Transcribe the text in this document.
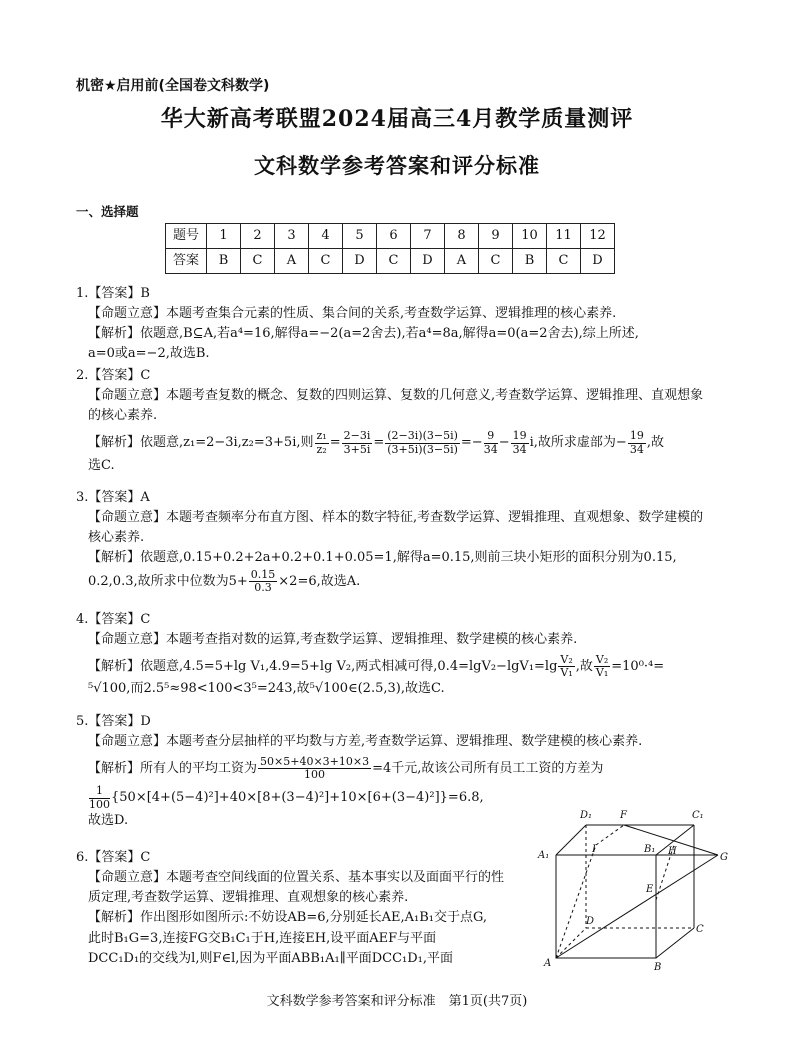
机密★启用前(全国卷文科数学)
华大新高考联盟2024届高三4月教学质量测评
文科数学参考答案和评分标准
一、选择题
题号	1	2	3	4	5	6	7	8	9	10	11	12
答案	B	C	A	C	D	C	D	A	C	B	C	D
1.【答案】B
【命题立意】本题考查集合元素的性质、集合间的关系,考查数学运算、逻辑推理的核心素养.
【解析】依题意,B⊆A,若a⁴=16,解得a=−2(a=2舍去),若a⁴=8a,解得a=0(a=2舍去),综上所述,
a=0或a=−2,故选B.
2.【答案】C
【命题立意】本题考查复数的概念、复数的四则运算、复数的几何意义,考查数学运算、逻辑推理、直观想象
的核心素养.
【解析】依题意,z₁=2−3i,z₂=3+5i,则 $\frac{\text{z₁}}{\text{z₂}} = \frac{2-3i}{3+5i} = \frac{(2-3i)(3-5i)}{(3+5i)(3-5i)} =- \frac{9}{34} - \frac{19}{34} i$,故所求虚部为− $\frac{19}{34}$ ,故
选C.
3.【答案】A
【命题立意】本题考查频率分布直方图、样本的数字特征,考查数学运算、逻辑推理、直观想象、数学建模的
核心素养.
【解析】依题意,0.15+0.2+2a+0.2+0.1+0.05=1,解得a=0.15,则前三块小矩形的面积分别为0.15,
0.2,0.3,故所求中位数为$5+ \frac{0.15}{0.3} \times 2=6$,故选A.
4.【答案】C
【命题立意】本题考查指对数的运算,考查数学运算、逻辑推理、数学建模的核心素养.
【解析】依题意,4.5=5+lg V₁,4.9=5+lg V₂,两式相减可得$,0.4=\lg V_2-\lg V_1=\lg \frac{\text{V₂}}{\text{V₁}}$ ,故 $\frac{\text{V₂}}{\text{V₁}} =10^0\cdot^4=$
⁵√100,而2.5⁵≈98<100<3⁵=243,故⁵√100∈(2.5,3),故选C.
5.【答案】D
【命题立意】本题考查分层抽样的平均数与方差,考查数学运算、逻辑推理、数学建模的核心素养.
【解析】所有人的平均工资为 $\frac{50\times 5+40\times 3+10\times 3}{100} =4$千元,故该公司所有员工工资的方差为
$\frac{1}{100} \{50\times[4+(5-4)^2]+40\times[8+(3-4)^2]+10\times[6+(3-4)^2]\}=6.8$,
故选D.
6.【答案】C
【命题立意】本题考查空间线面的位置关系、基本事实以及面面平行的性
质定理,考查数学运算、逻辑推理、直观想象的核心素养.
【解析】作出图形如图所示:不妨设AB=6,分别延长AE,A₁B₁交于点G,
此时B₁G=3,连接FG交B₁C₁于H,连接EH,设平面AEF与平面
DCC₁D₁的交线为l,则F∈l,因为平面ABB₁A₁∥平面DCC₁D₁,平面
D₁	F	C₁
A₁
I	B₁ H
G
E
D
C
A	B
文科数学参考答案和评分标准　第1页(共7页)
